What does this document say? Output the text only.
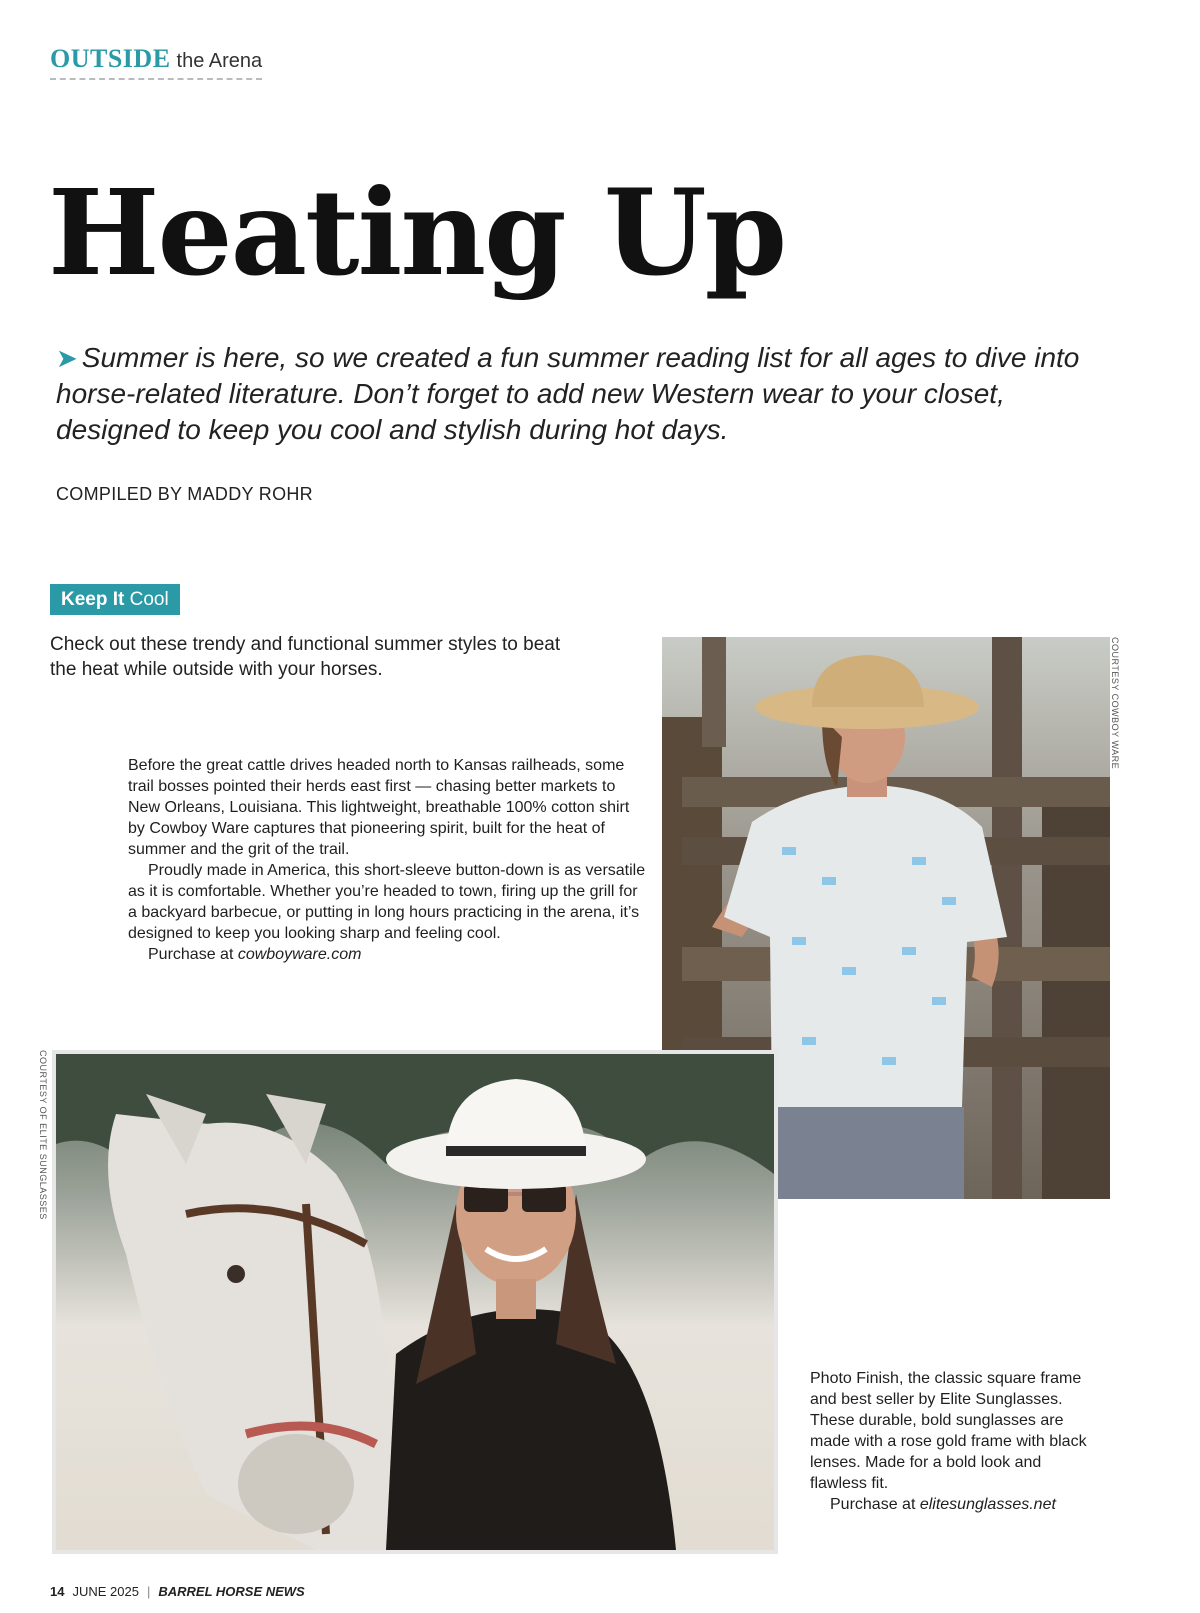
OUTSIDE the Arena
Heating Up

➤ Summer is here, so we created a fun summer reading list for all ages to dive into horse-related literature. Don’t forget to add new Western wear to your closet, designed to keep you cool and stylish during hot days.

COMPILED BY MADDY ROHR
Keep It Cool

Check out these trendy and functional summer styles to beat the heat while outside with your horses.

Before the great cattle drives headed north to Kansas railheads, some trail bosses pointed their herds east first — chasing better markets to New Orleans, Louisiana. This lightweight, breathable 100% cotton shirt by Cowboy Ware captures that pioneering spirit, built for the heat of summer and the grit of the trail.

Proudly made in America, this short-sleeve button-down is as versatile as it is comfortable. Whether you’re headed to town, firing up the grill for a backyard barbecue, or putting in long hours practicing in the arena, it’s designed to keep you looking sharp and feeling cool.

Purchase at cowboyware.com

COURTESY COWBOY WARE
COURTESY OF ELITE SUNGLASSES

Photo Finish, the classic square frame and best seller by Elite Sunglasses. These durable, bold sunglasses are made with a rose gold frame with black lenses. Made for a bold look and flawless fit.

Purchase at elitesunglasses.net

14 JUNE 2025 | BARREL HORSE NEWS
